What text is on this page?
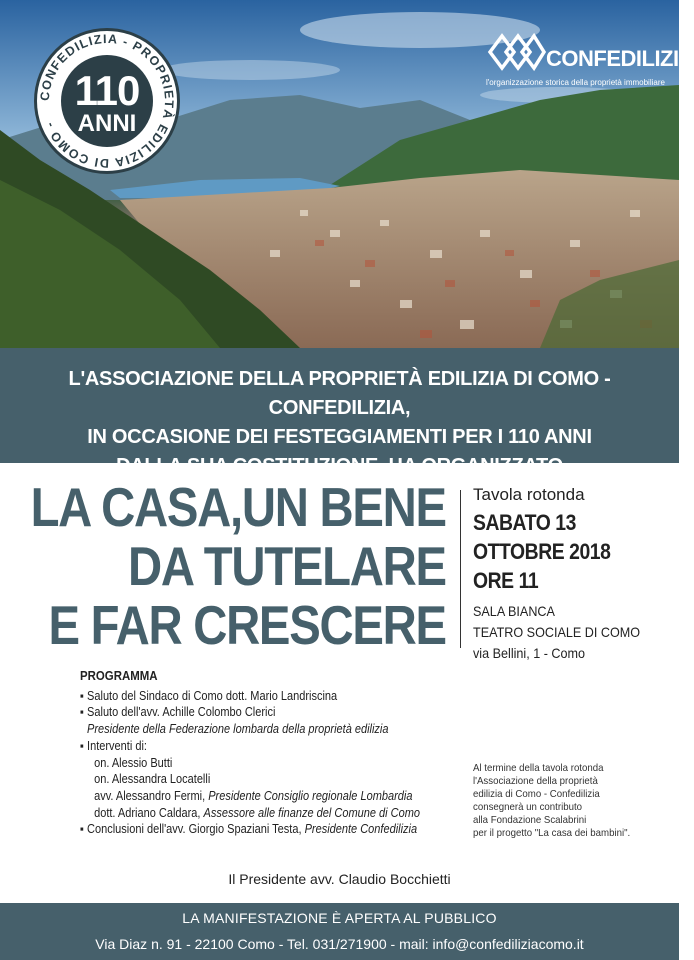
CONFEDILIZIA - PROPRIETÀ EDILIZIA DI COMO -
110
ANNI
CONFEDILIZIA
l'organizzazione storica della proprietà immobiliare
L'ASSOCIAZIONE DELLA PROPRIETÀ EDILIZIA DI COMO - CONFEDILIZIA,
IN OCCASIONE DEI FESTEGGIAMENTI PER I 110 ANNI
DALLA SUA COSTITUZIONE, HA ORGANIZZATO
LA CASA,UN BENE
DA TUTELARE
E FAR CRESCERE
Tavola rotonda
SABATO 13
OTTOBRE 2018
ORE 11
SALA BIANCA
TEATRO SOCIALE DI COMO
via Bellini, 1 - Como
PROGRAMMA
▪ Saluto del Sindaco di Como dott. Mario Landriscina
▪ Saluto dell'avv. Achille Colombo Clerici
Presidente della Federazione lombarda della proprietà edilizia
▪ Interventi di:
on. Alessio Butti
on. Alessandra Locatelli
avv. Alessandro Fermi, Presidente Consiglio regionale Lombardia
dott. Adriano Caldara, Assessore alle finanze del Comune di Como
▪ Conclusioni dell'avv. Giorgio Spaziani Testa, Presidente Confedilizia
Al termine della tavola rotonda
l'Associazione della proprietà
edilizia di Como - Confedilizia
consegnerà un contributo
alla Fondazione Scalabrini
per il progetto "La casa dei bambini".
Il Presidente avv. Claudio Bocchietti
LA MANIFESTAZIONE È APERTA AL PUBBLICO
Via Diaz n. 91 - 22100 Como - Tel. 031/271900 - mail: info@confediliziacomo.it
